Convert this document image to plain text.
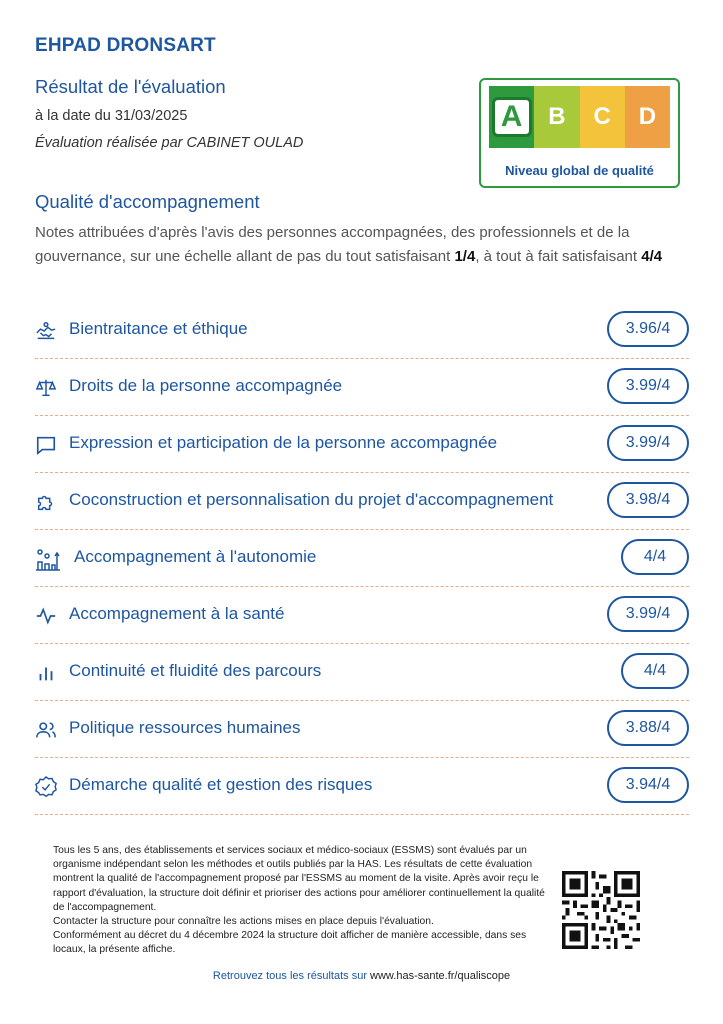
EHPAD DRONSART
Résultat de l'évaluation
à la date du 31/03/2025
Évaluation réalisée par CABINET OULAD
A	B	C	D
Niveau global de qualité
Qualité d'accompagnement
Notes attribuées d'après l'avis des personnes accompagnées, des professionnels et de la gouvernance, sur une échelle allant de pas du tout satisfaisant 1/4, à tout à fait satisfaisant 4/4
Bientraitance et éthique	3.96/4
Droits de la personne accompagnée	3.99/4
Expression et participation de la personne accompagnée	3.99/4
Coconstruction et personnalisation du projet d'accompagnement	3.98/4
Accompagnement à l'autonomie	4/4
Accompagnement à la santé	3.99/4
Continuité et fluidité des parcours	4/4
Politique ressources humaines	3.88/4
Démarche qualité et gestion des risques	3.94/4

Tous les 5 ans, des établissements et services sociaux et médico-sociaux (ESSMS) sont évalués par un organisme indépendant selon les méthodes et outils publiés par la HAS. Les résultats de cette évaluation montrent la qualité de l'accompagnement proposé par l'ESSMS au moment de la visite. Après avoir reçu le rapport d'évaluation, la structure doit définir et prioriser des actions pour améliorer continuellement la qualité de l'accompagnement.

Contacter la structure pour connaître les actions mises en place depuis l'évaluation.

Conformément au décret du 4 décembre 2024 la structure doit afficher de manière accessible, dans ses locaux, la présente affiche.

Retrouvez tous les résultats sur www.has-sante.fr/qualiscope
